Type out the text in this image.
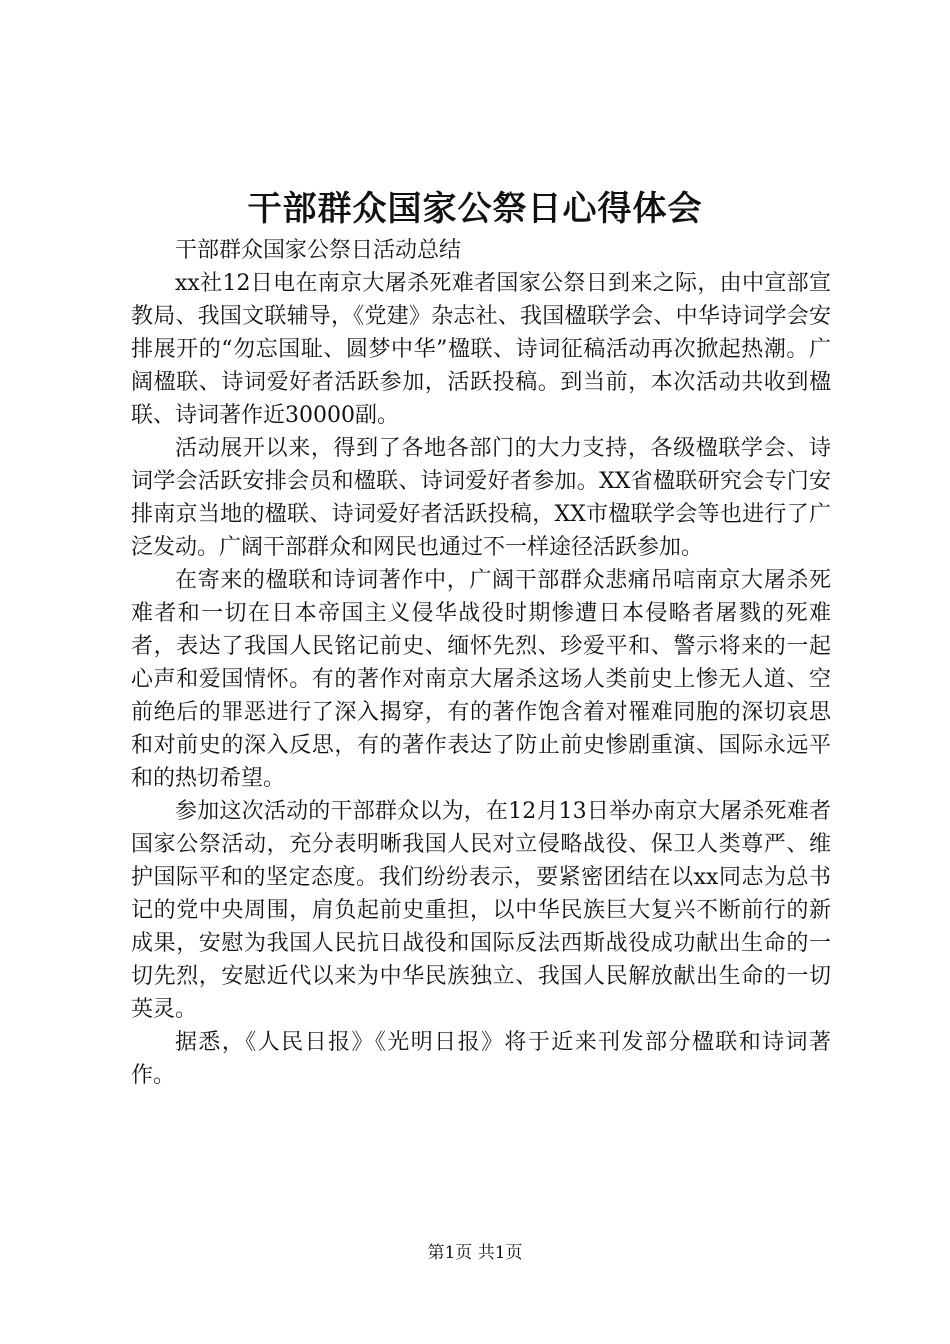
干部群众国家公祭日心得体会

干部群众国家公祭日活动总结

xx社12日电在南京大屠杀死难者国家公祭日到来之际，由中宣部宣教局、我国文联辅导，《党建》杂志社、我国楹联学会、中华诗词学会安排展开的“勿忘国耻、圆梦中华”楹联、诗词征稿活动再次掀起热潮。广阔楹联、诗词爱好者活跃参加，活跃投稿。到当前，本次活动共收到楹联、诗词著作近30000副。

活动展开以来，得到了各地各部门的大力支持，各级楹联学会、诗词学会活跃安排会员和楹联、诗词爱好者参加。XX省楹联研究会专门安排南京当地的楹联、诗词爱好者活跃投稿，XX市楹联学会等也进行了广泛发动。广阔干部群众和网民也通过不一样途径活跃参加。

在寄来的楹联和诗词著作中，广阔干部群众悲痛吊唁南京大屠杀死难者和一切在日本帝国主义侵华战役时期惨遭日本侵略者屠戮的死难者，表达了我国人民铭记前史、缅怀先烈、珍爱平和、警示将来的一起心声和爱国情怀。有的著作对南京大屠杀这场人类前史上惨无人道、空前绝后的罪恶进行了深入揭穿，有的著作饱含着对罹难同胞的深切哀思和对前史的深入反思，有的著作表达了防止前史惨剧重演、国际永远平和的热切希望。

参加这次活动的干部群众以为，在12月13日举办南京大屠杀死难者国家公祭活动，充分表明晰我国人民对立侵略战役、保卫人类尊严、维护国际平和的坚定态度。我们纷纷表示，要紧密团结在以xx同志为总书记的党中央周围，肩负起前史重担，以中华民族巨大复兴不断前行的新成果，安慰为我国人民抗日战役和国际反法西斯战役成功献出生命的一切先烈，安慰近代以来为中华民族独立、我国人民解放献出生命的一切英灵。

据悉，《人民日报》《光明日报》将于近来刊发部分楹联和诗词著作。

第1页 共1页
